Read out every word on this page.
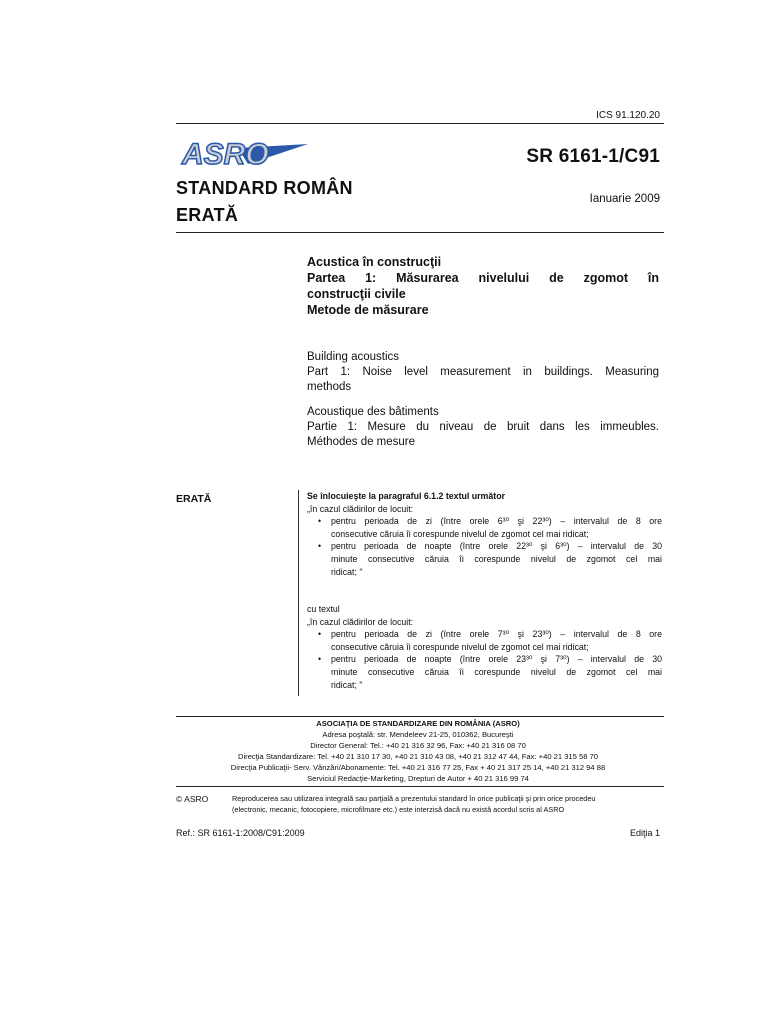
ICS 91.120.20
ASRO	SR 6161-1/C91
STANDARD ROMÂN
ERATĂ
Ianuarie 2009
Acustica în construcţii
Partea 1: Măsurarea nivelului de zgomot în
construcţii civile
Metode de măsurare
Building acoustics
Part 1: Noise level measurement in buildings. Measuring
methods
Acoustique des bâtiments
Partie 1: Mesure du niveau de bruit dans les immeubles.
Méthodes de mesure
ERATĂ	Se înlocuieşte la paragraful 6.1.2 textul următor
„în cazul clădirilor de locuit:
• pentru perioada de zi (între orele 6³⁰ şi 22³⁰) – intervalul de 8 ore
consecutive căruia îi corespunde nivelul de zgomot cel mai ridicat;
• pentru perioada de noapte (între orele 22³⁰ şi 6³⁰) – intervalul de 30
minute consecutive căruia îi corespunde nivelul de zgomot cel mai
ridicat; "
cu textul
„în cazul clădirilor de locuit:
• pentru perioada de zi (între orele 7³⁰ şi 23³⁰) – intervalul de 8 ore
consecutive căruia îi corespunde nivelul de zgomot cel mai ridicat;
• pentru perioada de noapte (între orele 23³⁰ şi 7³⁰) – intervalul de 30
minute consecutive căruia îi corespunde nivelul de zgomot cel mai
ridicat; "
ASOCIAŢIA DE STANDARDIZARE DIN ROMÂNIA (ASRO)
Adresa poştală: str. Mendeleev 21-25, 010362, Bucureşti
Director General: Tel.: +40 21 316 32 96, Fax: +40 21 316 08 70
Direcţia Standardizare: Tel. +40 21 310 17 30, +40 21 310 43 08, +40 21 312 47 44, Fax: +40 21 315 58 70
Direcţia Publicaţii- Serv. Vânzări/Abonamente: Tel. +40 21 316 77 25, Fax + 40 21 317 25 14, +40 21 312 94 88
Serviciul Redacţie-Marketing, Drepturi de Autor + 40 21 316 99 74
© ASRO	Reproducerea sau utilizarea integrală sau parţială a prezentului standard în orice publicaţii şi prin orice procedeu
(electronic, mecanic, fotocopiere, microfilmare etc.) este interzisă dacă nu există acordul scris al ASRO
Ref.: SR 6161-1:2008/C91:2009	Ediţia 1
